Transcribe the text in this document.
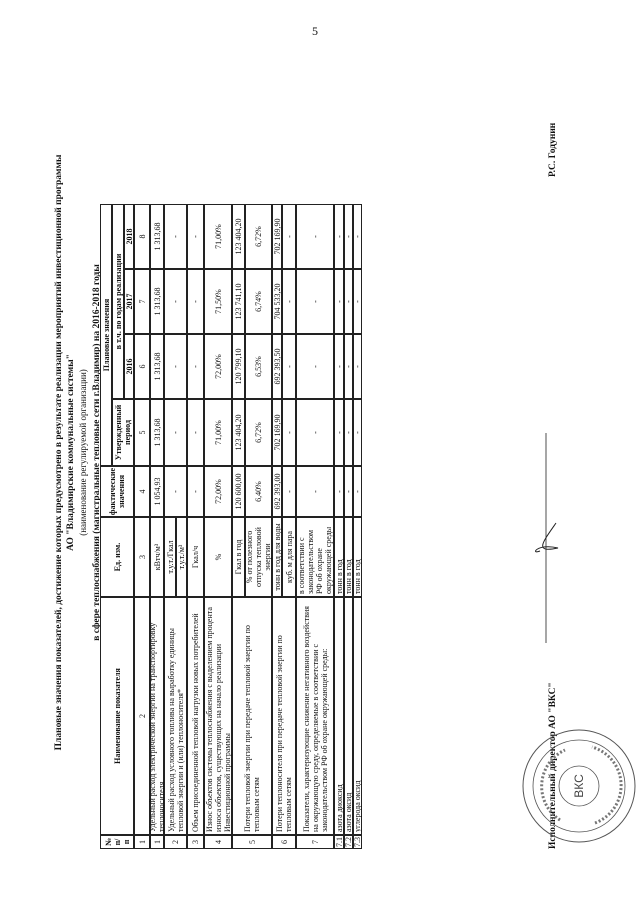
5
Плановые значения показателей, достижение которых предусмотрено в результате реализации мероприятий инвестиционной программы АО "Владимирские коммунальные системы" (наименование регулируемой организации) в сфере теплоснабжения (магистральные тепловые сети г.Владимир) на 2016-2018 годы
№ п/п
Наименование показателя
Ед. изм.
фактические значения
Плановые значения
Утвержденный период
в т.ч. по годам реализации
2016
2017
2018
1
2
3
4
5
6
7
8
1
Удельный расход электрической энергии на транспортировку теплоносителя
кВтч/м³
1 054,93
1 313,68
1 313,68
1 313,68
1 313,68
2
Удельный расход условного топлива на выработку единицы тепловой энергии и (или) теплоносителя*
т.у.т./Гкал т.у.т./м³
-
-
-
-
-
3
Объем присоединенной тепловой нагрузки новых потребителей
Гкал/ч
-
-
-
-
-
4
Износ объектов системы теплоснабжения с выделением процента износа объектов, существующих на начало реализации Инвестиционной программы
%
72,00%
71,00%
72,00%
71,50%
71,00%
5
Потери тепловой энергии при передаче тепловой энергии по тепловым сетям
Гкал в год
120 600,00
123 404,20
120 799,10
123 741,10
123 404,20
% от полезного отпуска тепловой энергии
6,40%
6,72%
6,53%
6,74%
6,72%
6
Потери теплоносителя при передаче тепловой энергии по тепловым сетям
тонн в год для воды
692 393,00
702 169,90
692 393,50
704 533,20
702 169,90
куб. м для пара
-
-
-
-
-
7
Показатели, характеризующие снижение негативного воздействия на окружающую среду, определяемые в соответствии с законодательством РФ об охране окружающей среды:
в соответствии с законодательством РФ об охране окружающей среды
-
-
-
-
-
7.1
азота диоксид
тонн в год
-
-
-
-
-
7.2
азота оксид
тонн в год
-
-
-
-
-
7.3
углерода оксид
тонн в год
-
-
-
-
-
Исполнительный директор АО "ВКС"
Р.С. Годунин
ВКС
